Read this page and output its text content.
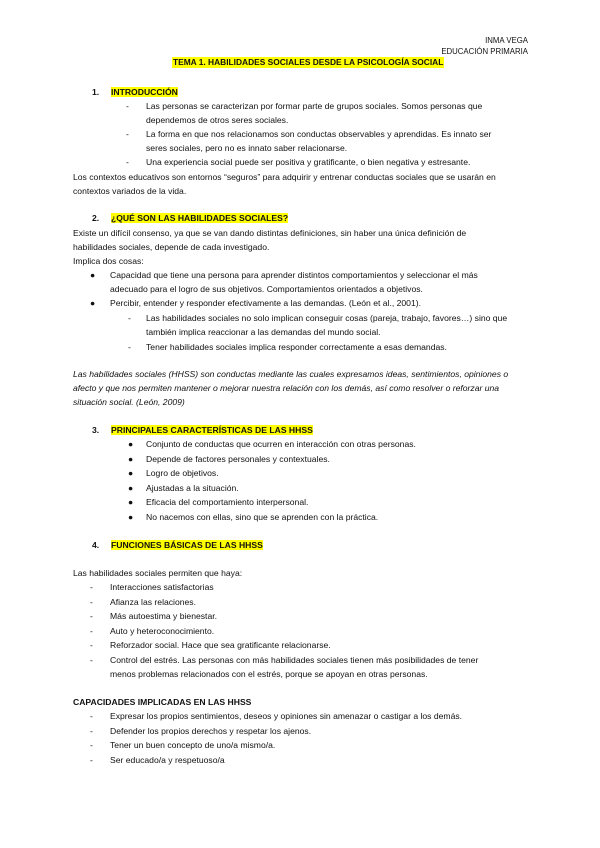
INMA VEGA
EDUCACIÓN PRIMARIA
TEMA 1. HABILIDADES SOCIALES DESDE LA PSICOLOGÍA SOCIAL
1. INTRODUCCIÓN
- Las personas se caracterizan por formar parte de grupos sociales. Somos personas que
dependemos de otros seres sociales.
- La forma en que nos relacionamos son conductas observables y aprendidas. Es innato ser
seres sociales, pero no es innato saber relacionarse.
- Una experiencia social puede ser positiva y gratificante, o bien negativa y estresante.
Los contextos educativos son entornos “seguros” para adquirir y entrenar conductas sociales que se usarán en
contextos variados de la vida.
2. ¿QUÉ SON LAS HABILIDADES SOCIALES?
Existe un difícil consenso, ya que se van dando distintas definiciones, sin haber una única definición de
habilidades sociales, depende de cada investigado.
Implica dos cosas:
● Capacidad que tiene una persona para aprender distintos comportamientos y seleccionar el más
adecuado para el logro de sus objetivos. Comportamientos orientados a objetivos.
● Percibir, entender y responder efectivamente a las demandas. (León et al., 2001).
- Las habilidades sociales no solo implican conseguir cosas (pareja, trabajo, favores…) sino que
también implica reaccionar a las demandas del mundo social.
- Tener habilidades sociales implica responder correctamente a esas demandas.
Las habilidades sociales (HHSS) son conductas mediante las cuales expresamos ideas, sentimientos, opiniones o
afecto y que nos permiten mantener o mejorar nuestra relación con los demás, así como resolver o reforzar una
situación social. (León, 2009)
3. PRINCIPALES CARACTERÍSTICAS DE LAS HHSS
● Conjunto de conductas que ocurren en interacción con otras personas.
● Depende de factores personales y contextuales.
● Logro de objetivos.
● Ajustadas a la situación.
● Eficacia del comportamiento interpersonal.
● No nacemos con ellas, sino que se aprenden con la práctica.
4. FUNCIONES BÁSICAS DE LAS HHSS
Las habilidades sociales permiten que haya:
- Interacciones satisfactorias
- Afianza las relaciones.
- Más autoestima y bienestar.
- Auto y heteroconocimiento.
- Reforzador social. Hace que sea gratificante relacionarse.
- Control del estrés. Las personas con más habilidades sociales tienen más posibilidades de tener
menos problemas relacionados con el estrés, porque se apoyan en otras personas.
CAPACIDADES IMPLICADAS EN LAS HHSS
- Expresar los propios sentimientos, deseos y opiniones sin amenazar o castigar a los demás.
- Defender los propios derechos y respetar los ajenos.
- Tener un buen concepto de uno/a mismo/a.
- Ser educado/a y respetuoso/a
